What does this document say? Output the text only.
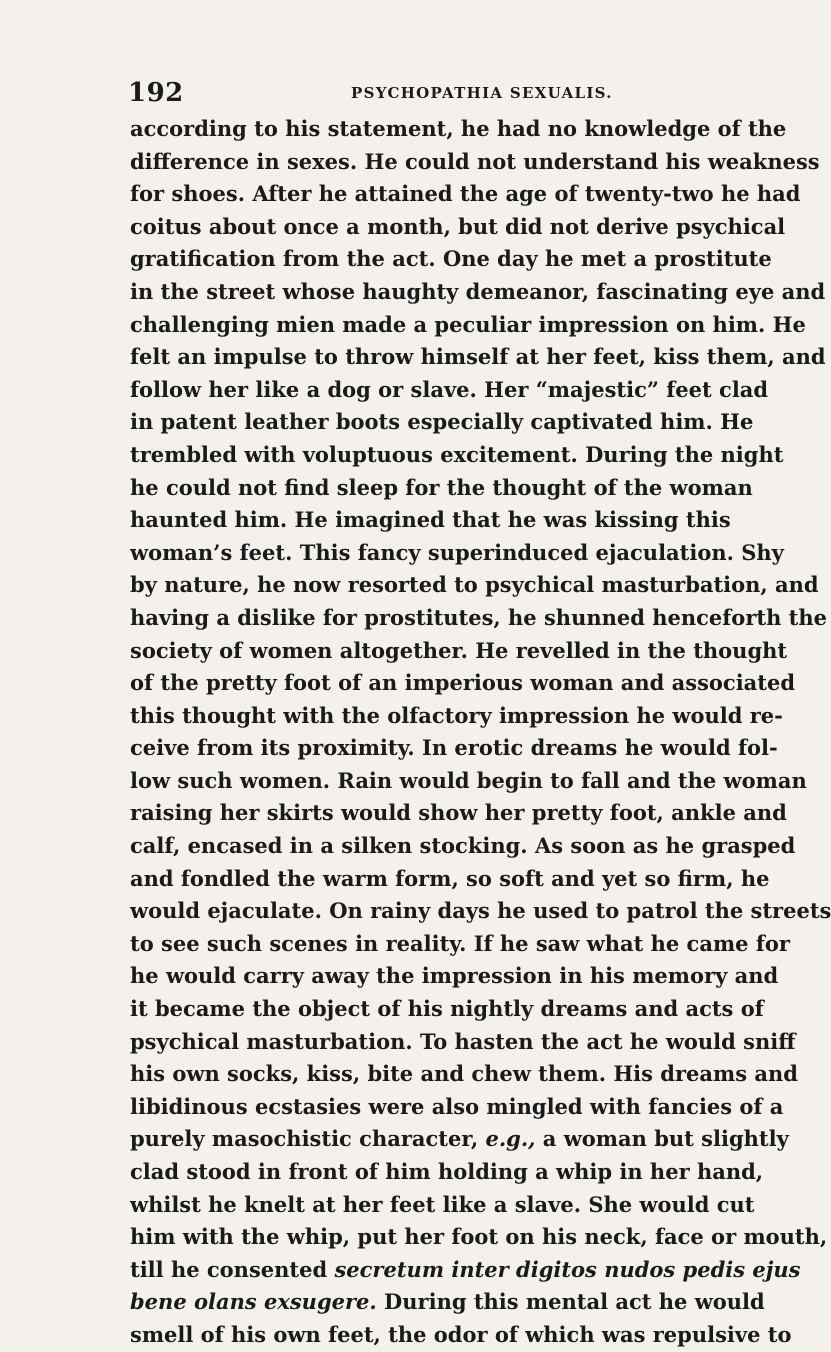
192	PSYCHOPATHIA SEXUALIS.
according to his statement, he had no knowledge of the
difference in sexes. He could not understand his weakness
for shoes. After he attained the age of twenty-two he had
coitus about once a month, but did not derive psychical
gratification from the act. One day he met a prostitute
in the street whose haughty demeanor, fascinating eye and
challenging mien made a peculiar impression on him. He
felt an impulse to throw himself at her feet, kiss them, and
follow her like a dog or slave. Her “majestic” feet clad
in patent leather boots especially captivated him. He
trembled with voluptuous excitement. During the night
he could not find sleep for the thought of the woman
haunted him. He imagined that he was kissing this
woman’s feet. This fancy superinduced ejaculation. Shy
by nature, he now resorted to psychical masturbation, and
having a dislike for prostitutes, he shunned henceforth the
society of women altogether. He revelled in the thought
of the pretty foot of an imperious woman and associated
this thought with the olfactory impression he would re-
ceive from its proximity. In erotic dreams he would fol-
low such women. Rain would begin to fall and the woman
raising her skirts would show her pretty foot, ankle and
calf, encased in a silken stocking. As soon as he grasped
and fondled the warm form, so soft and yet so firm, he
would ejaculate. On rainy days he used to patrol the streets
to see such scenes in reality. If he saw what he came for
he would carry away the impression in his memory and
it became the object of his nightly dreams and acts of
psychical masturbation. To hasten the act he would sniff
his own socks, kiss, bite and chew them. His dreams and
libidinous ecstasies were also mingled with fancies of a
purely masochistic character, e.g., a woman but slightly
clad stood in front of him holding a whip in her hand,
whilst he knelt at her feet like a slave. She would cut
him with the whip, put her foot on his neck, face or mouth,
till he consented secretum inter digitos nudos pedis ejus
bene olans exsugere. During this mental act he would
smell of his own feet, the odor of which was repulsive to
